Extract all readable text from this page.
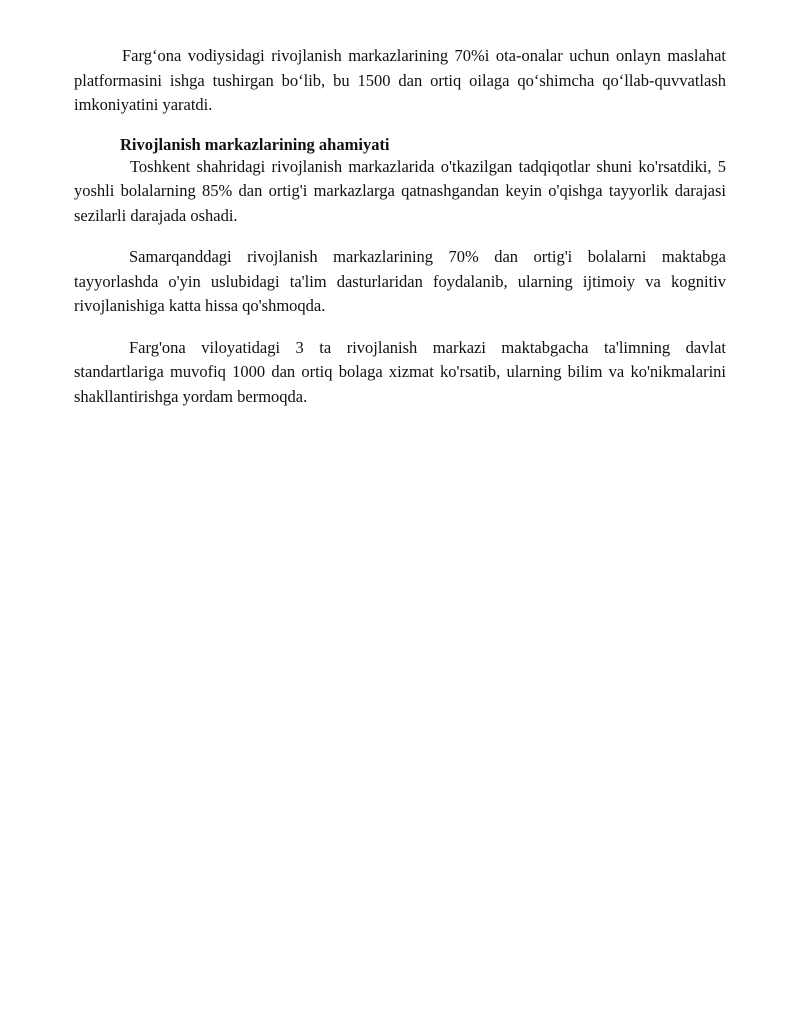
Farg‘ona vodiysidagi rivojlanish markazlarining 70%i ota-onalar uchun onlayn maslahat platformasini ishga tushirgan bo‘lib, bu 1500 dan ortiq oilaga qo‘shimcha qo‘llab-quvvatlash imkoniyatini yaratdi.

Rivojlanish markazlarining ahamiyati

Toshkent shahridagi rivojlanish markazlarida o'tkazilgan tadqiqotlar shuni ko'rsatdiki, 5 yoshli bolalarning 85% dan ortig'i markazlarga qatnashgandan keyin o'qishga tayyorlik darajasi sezilarli darajada oshadi.

Samarqanddagi rivojlanish markazlarining 70% dan ortig'i bolalarni maktabga tayyorlashda o'yin uslubidagi ta'lim dasturlaridan foydalanib, ularning ijtimoiy va kognitiv rivojlanishiga katta hissa qo'shmoqda.

Farg'ona viloyatidagi 3 ta rivojlanish markazi maktabgacha ta'limning davlat standartlariga muvofiq 1000 dan ortiq bolaga xizmat ko'rsatib, ularning bilim va ko'nikmalarini shakllantirishga yordam bermoqda.
